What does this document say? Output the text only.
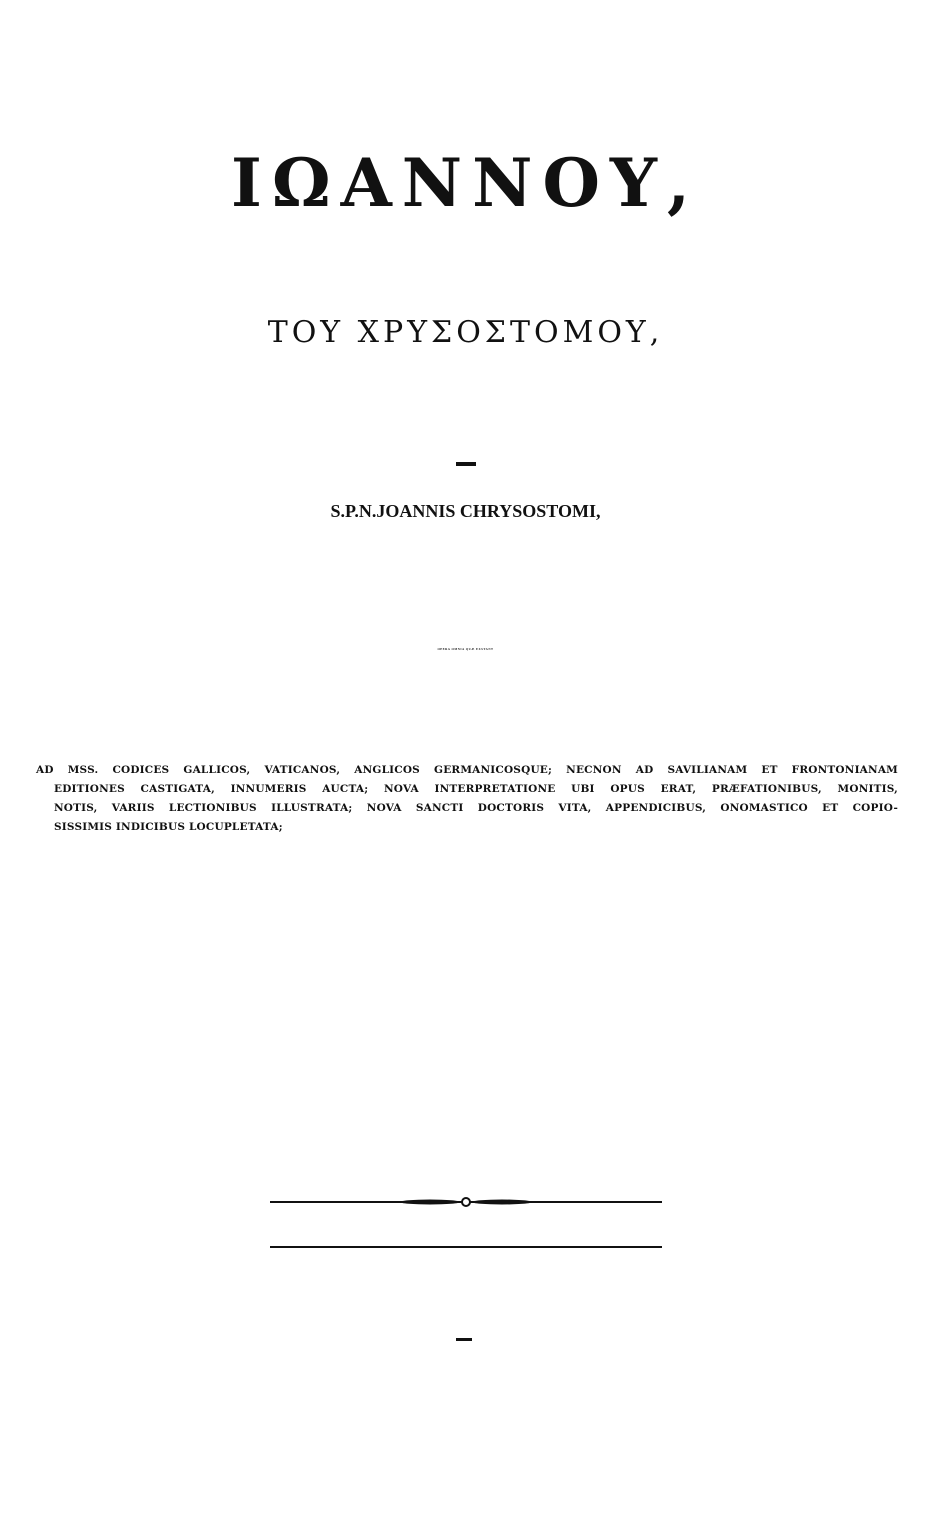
ΙΩΑΝΝΟΥ,
ΤΟΥ ΧΡΥΣΟΣΤΟΜΟΥ,
S.P.N.JOANNIS CHRYSOSTOMI,
OPERA OMNIA QUÆ EXSTANT
AD MSS. CODICES GALLICOS, VATICANOS, ANGLICOS GERMANICOSQUE; NECNON AD SAVILIANAM ET FRONTONIANAM
EDITIONES CASTIGATA, INNUMERIS AUCTA; NOVA INTERPRETATIONE UBI OPUS ERAT, PRÆFATIONIBUS, MONITIS,
NOTIS, VARIIS LECTIONIBUS ILLUSTRATA; NOVA SANCTI DOCTORIS VITA, APPENDICIBUS, ONOMASTICO ET COPIO-
SISSIMIS INDICIBUS LOCUPLETATA;
